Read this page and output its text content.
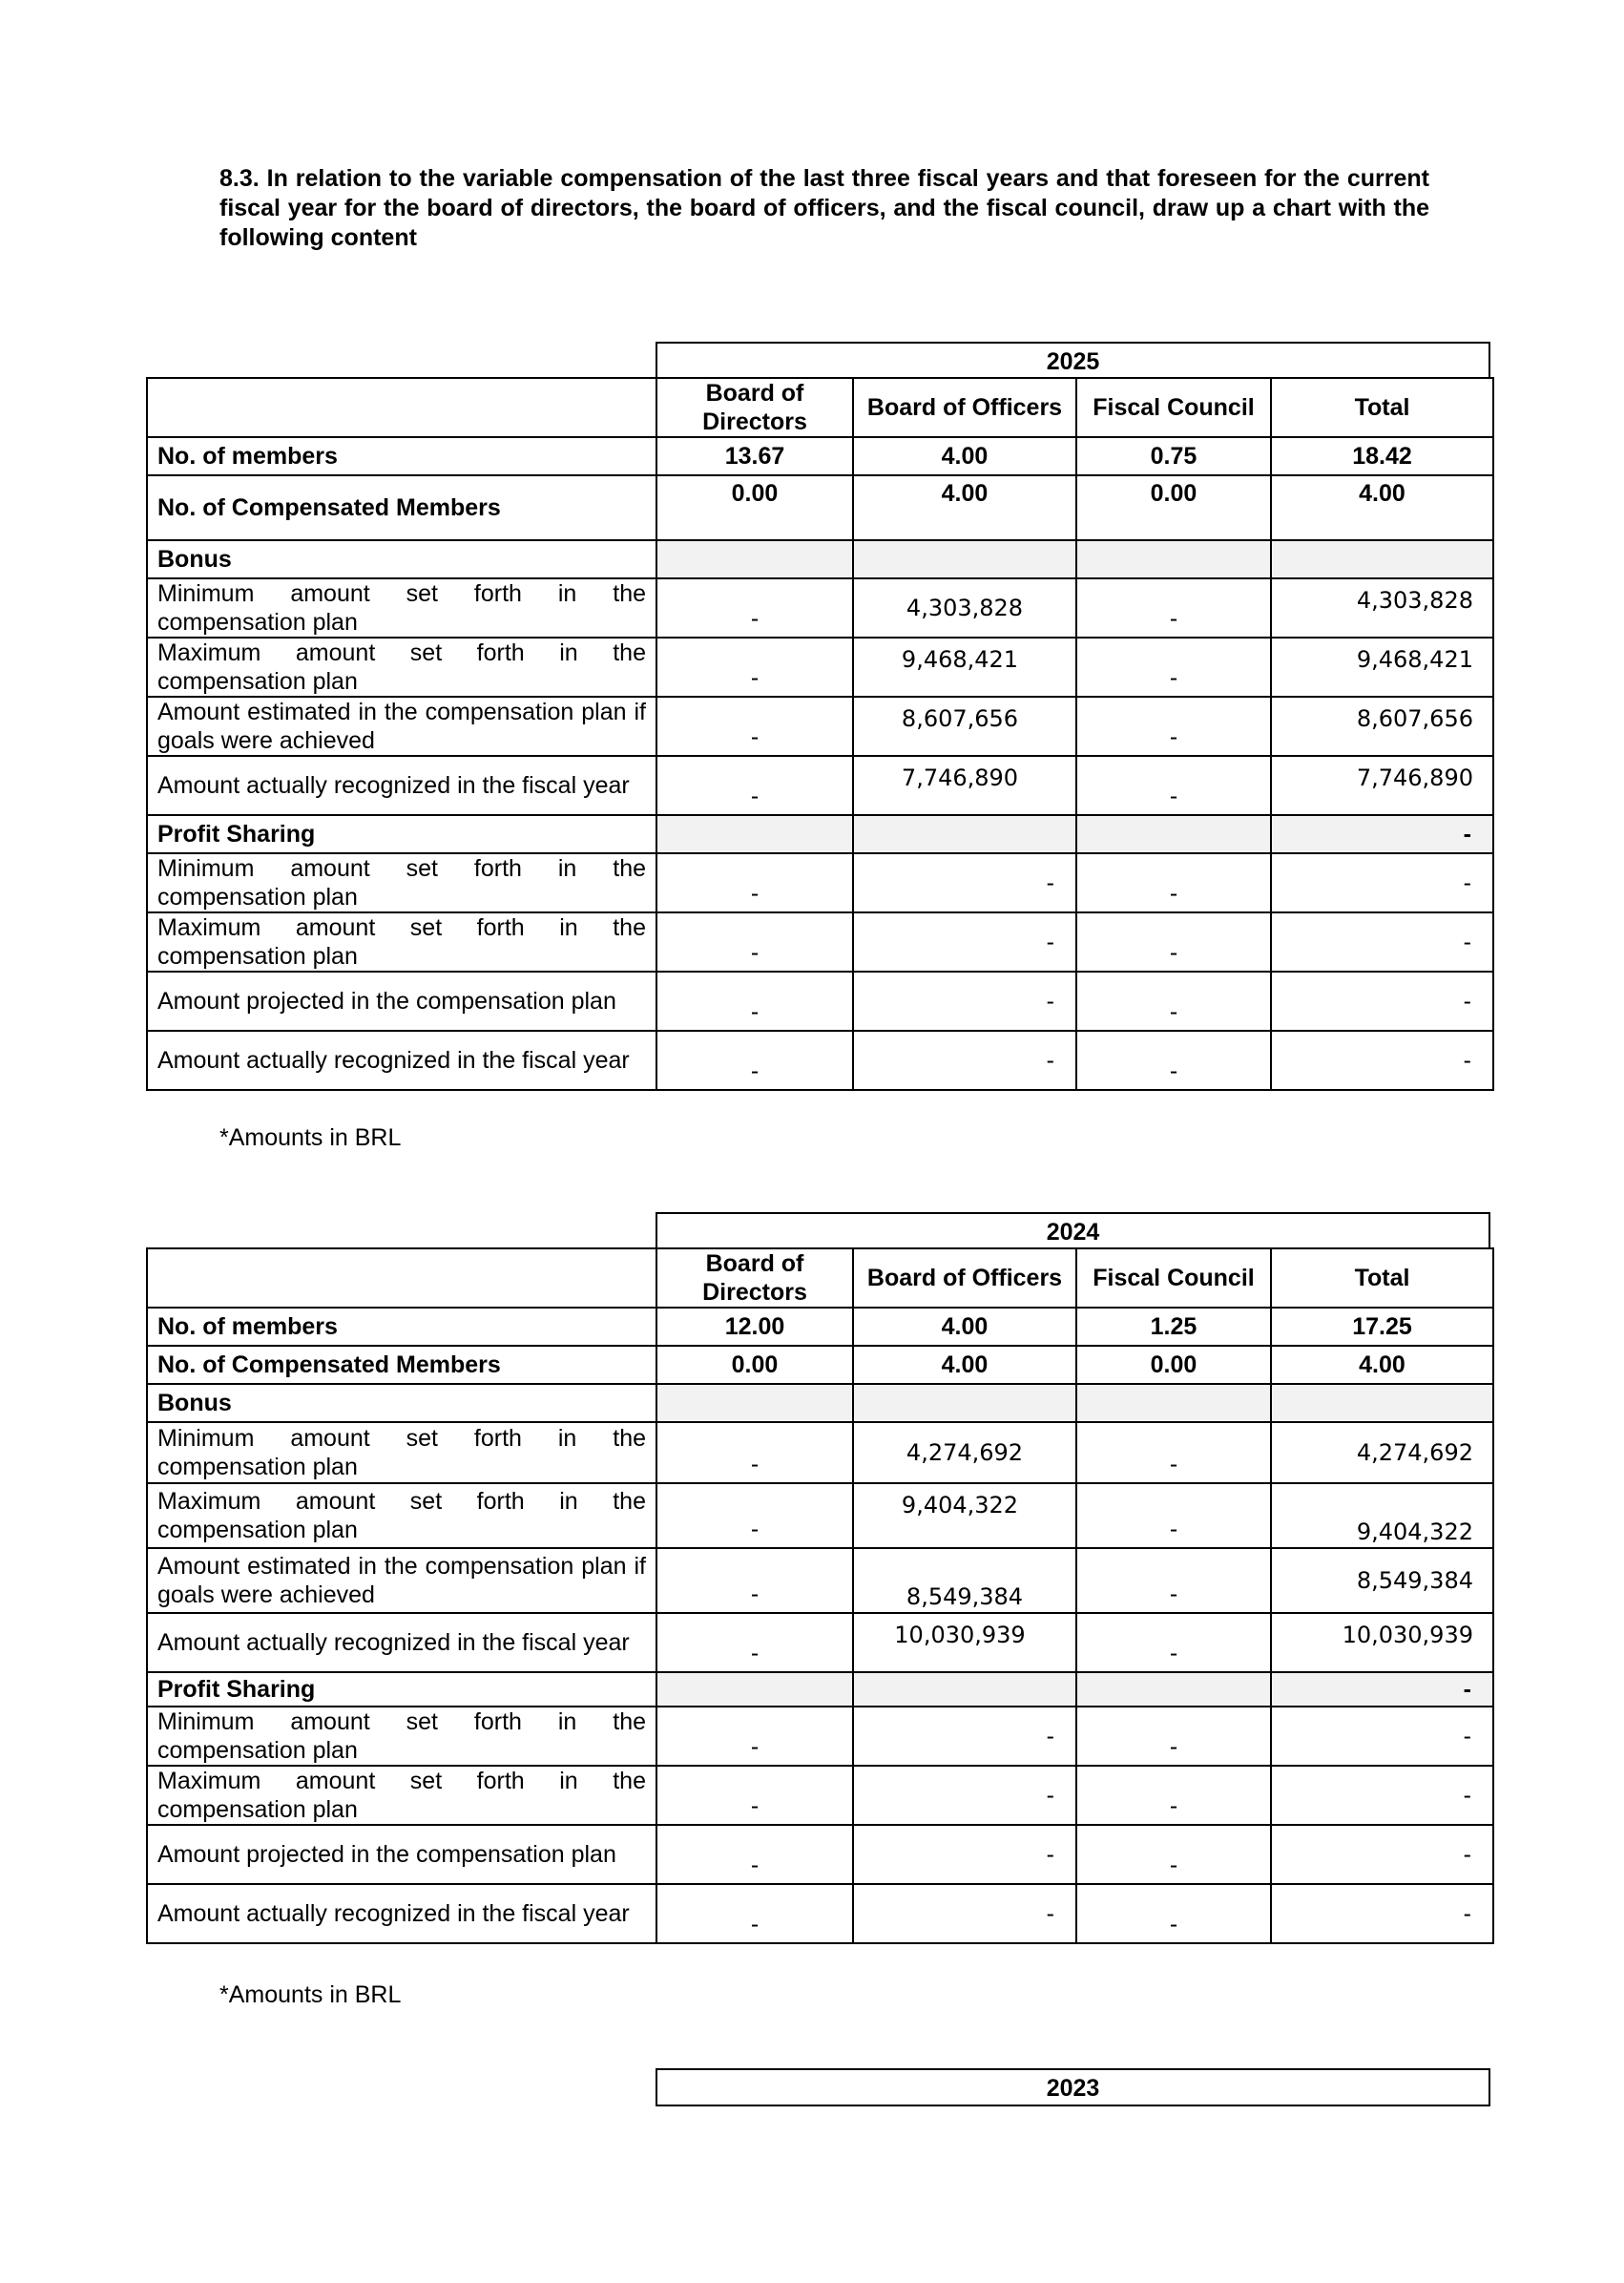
8.3. In relation to the variable compensation of the last three fiscal years and that foreseen for the current fiscal year for the board of directors, the board of officers, and the fiscal council, draw up a chart with the following content
2025
	Board of Directors	Board of Officers	Fiscal Council	Total
No. of members	13.67	4.00	0.75	18.42
No. of Compensated Members	0.00	4.00	0.00	4.00
Bonus				
Minimum amount set forth in the compensation plan	-	4,303,828	-	4,303,828
Maximum amount set forth in the compensation plan	-	9,468,421	-	9,468,421
Amount estimated in the compensation plan if goals were achieved	-	8,607,656	-	8,607,656
Amount actually recognized in the fiscal year	-	7,746,890	-	7,746,890
Profit Sharing				-
Minimum amount set forth in the compensation plan	-	-	-	-
Maximum amount set forth in the compensation plan	-	-	-	-
Amount projected in the compensation plan	-	-	-	-
Amount actually recognized in the fiscal year	-	-	-	-
*Amounts in BRL
2024
	Board of Directors	Board of Officers	Fiscal Council	Total
No. of members	12.00	4.00	1.25	17.25
No. of Compensated Members	0.00	4.00	0.00	4.00
Bonus				
Minimum amount set forth in the compensation plan	-	4,274,692	-	4,274,692
Maximum amount set forth in the compensation plan	-	9,404,322	-	9,404,322
Amount estimated in the compensation plan if goals were achieved	-	8,549,384	-	8,549,384
Amount actually recognized in the fiscal year	-	10,030,939	-	10,030,939
Profit Sharing				-
Minimum amount set forth in the compensation plan	-	-	-	-
Maximum amount set forth in the compensation plan	-	-	-	-
Amount projected in the compensation plan	-	-	-	-
Amount actually recognized in the fiscal year	-	-	-	-
*Amounts in BRL
2023
